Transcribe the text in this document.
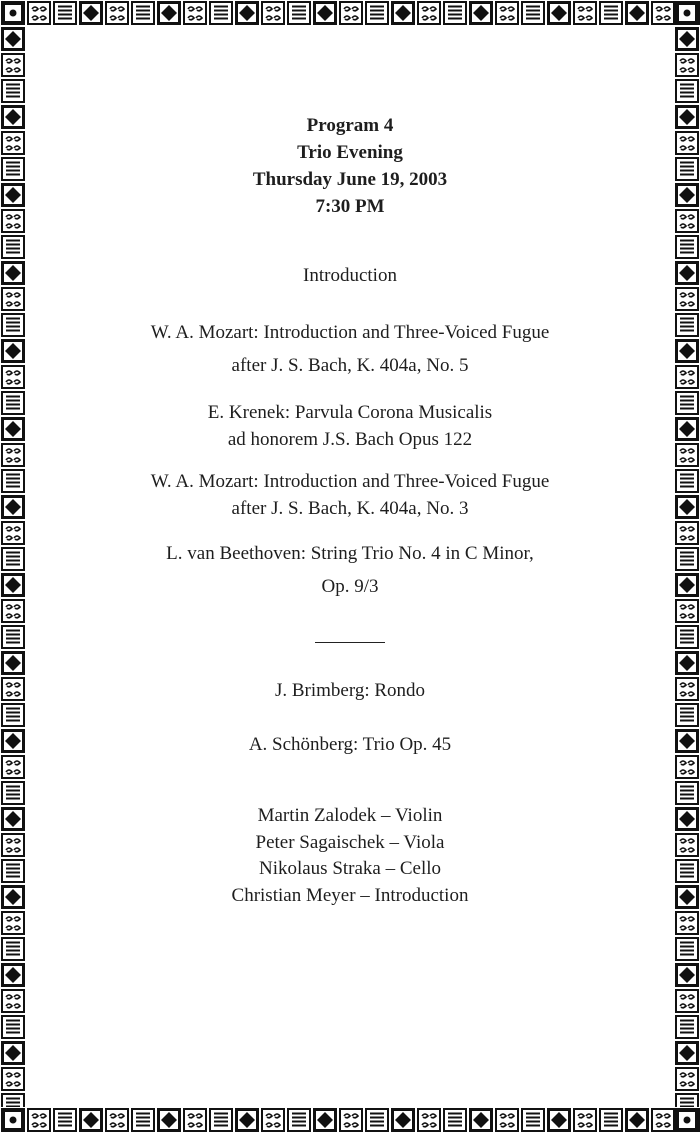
Program 4

Trio Evening

Thursday June 19, 2003

7:30 PM

Introduction

W. A. Mozart: Introduction and Three-Voiced Fugue

after J. S. Bach, K. 404a, No. 5

E. Krenek: Parvula Corona Musicalis

ad honorem J.S. Bach Opus 122

W. A. Mozart: Introduction and Three-Voiced Fugue

after J. S. Bach, K. 404a, No. 3

L. van Beethoven: String Trio No. 4 in C Minor,

Op. 9/3

J. Brimberg: Rondo

A. Schönberg: Trio Op. 45

Martin Zalodek – Violin

Peter Sagaischek – Viola

Nikolaus Straka – Cello

Christian Meyer – Introduction
